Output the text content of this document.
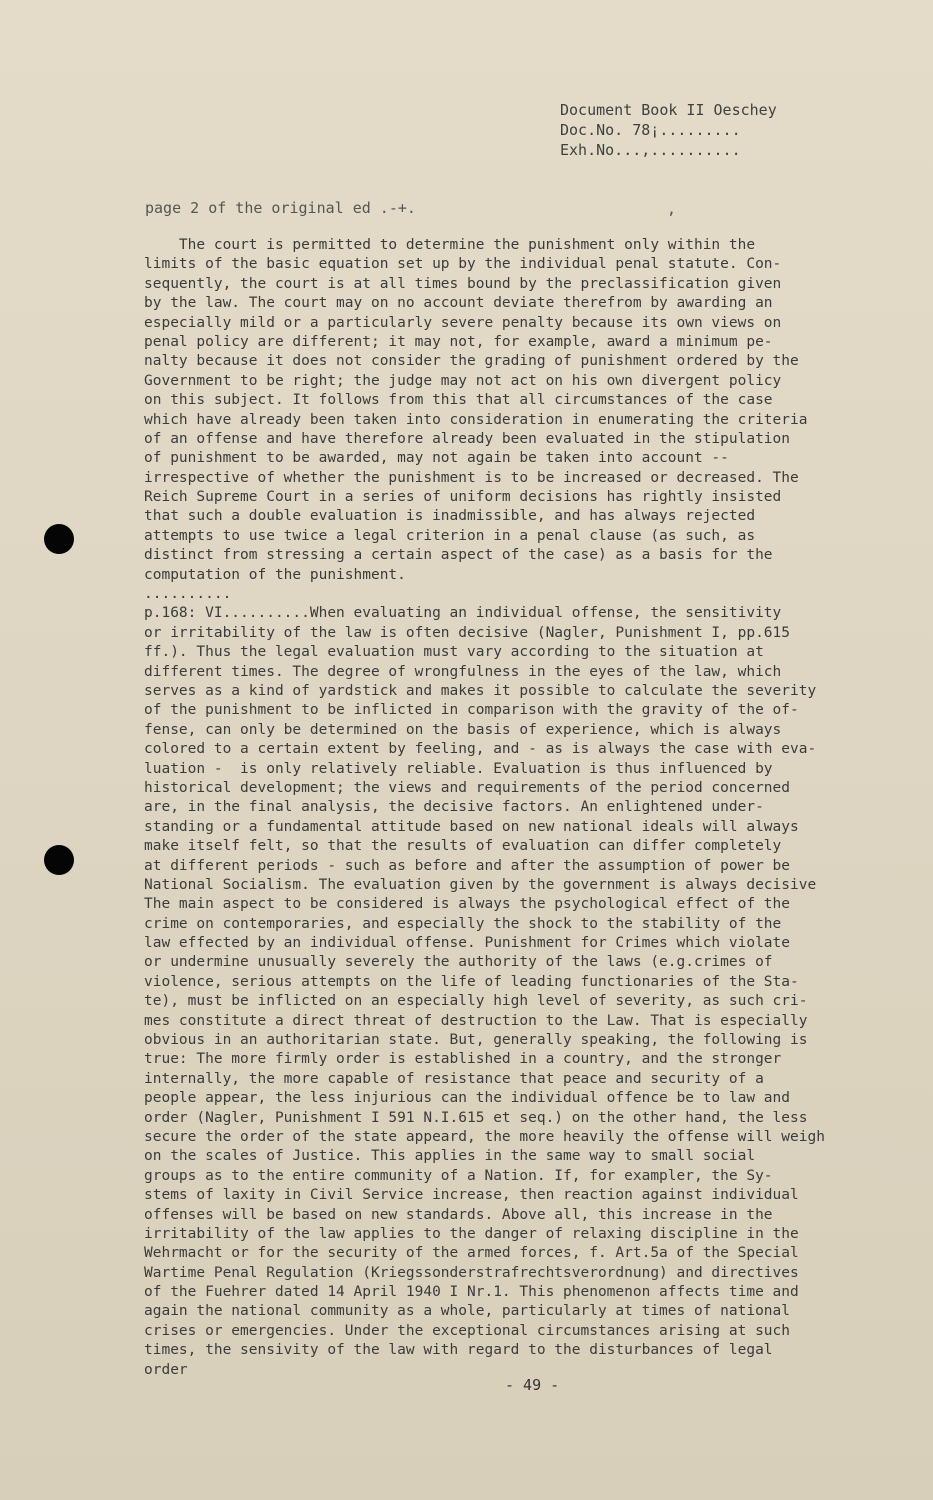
Document Book II Oeschey
Doc.No. 78¡.........
Exh.No...,..........
page 2 of the original ed .-+.	,
The court is permitted to determine the punishment only within the
limits of the basic equation set up by the individual penal statute. Con-
sequently, the court is at all times bound by the preclassification given
by the law. The court may on no account deviate therefrom by awarding an
especially mild or a particularly severe penalty because its own views on
penal policy are different; it may not, for example, award a minimum pe-
nalty because it does not consider the grading of punishment ordered by the
Government to be right; the judge may not act on his own divergent policy
on this subject. It follows from this that all circumstances of the case
which have already been taken into consideration in enumerating the criteria
of an offense and have therefore already been evaluated in the stipulation
of punishment to be awarded, may not again be taken into account --
irrespective of whether the punishment is to be increased or decreased. The
Reich Supreme Court in a series of uniform decisions has rightly insisted
that such a double evaluation is inadmissible, and has always rejected
attempts to use twice a legal criterion in a penal clause (as such, as
distinct from stressing a certain aspect of the case) as a basis for the
computation of the punishment.
..........
p.168: VI..........When evaluating an individual offense, the sensitivity
or irritability of the law is often decisive (Nagler, Punishment I, pp.615
ff.). Thus the legal evaluation must vary according to the situation at
different times. The degree of wrongfulness in the eyes of the law, which
serves as a kind of yardstick and makes it possible to calculate the severity
of the punishment to be inflicted in comparison with the gravity of the of-
fense, can only be determined on the basis of experience, which is always
colored to a certain extent by feeling, and - as is always the case with eva-
luation -  is only relatively reliable. Evaluation is thus influenced by
historical development; the views and requirements of the period concerned
are, in the final analysis, the decisive factors. An enlightened under-
standing or a fundamental attitude based on new national ideals will always
make itself felt, so that the results of evaluation can differ completely
at different periods - such as before and after the assumption of power be
National Socialism. The evaluation given by the government is always decisive
The main aspect to be considered is always the psychological effect of the
crime on contemporaries, and especially the shock to the stability of the
law effected by an individual offense. Punishment for Crimes which violate
or undermine unusually severely the authority of the laws (e.g.crimes of
violence, serious attempts on the life of leading functionaries of the Sta-
te), must be inflicted on an especially high level of severity, as such cri-
mes constitute a direct threat of destruction to the Law. That is especially
obvious in an authoritarian state. But, generally speaking, the following is
true: The more firmly order is established in a country, and the stronger
internally, the more capable of resistance that peace and security of a
people appear, the less injurious can the individual offence be to law and
order (Nagler, Punishment I 591 N.I.615 et seq.) on the other hand, the less
secure the order of the state appeard, the more heavily the offense will weigh
on the scales of Justice. This applies in the same way to small social
groups as to the entire community of a Nation. If, for exampler, the Sy-
stems of laxity in Civil Service increase, then reaction against individual
offenses will be based on new standards. Above all, this increase in the
irritability of the law applies to the danger of relaxing discipline in the
Wehrmacht or for the security of the armed forces, f. Art.5a of the Special
Wartime Penal Regulation (Kriegssonderstrafrechtsverordnung) and directives
of the Fuehrer dated 14 April 1940 I Nr.1. This phenomenon affects time and
again the national community as a whole, particularly at times of national
crises or emergencies. Under the exceptional circumstances arising at such
times, the sensivity of the law with regard to the disturbances of legal
order
- 49 -
